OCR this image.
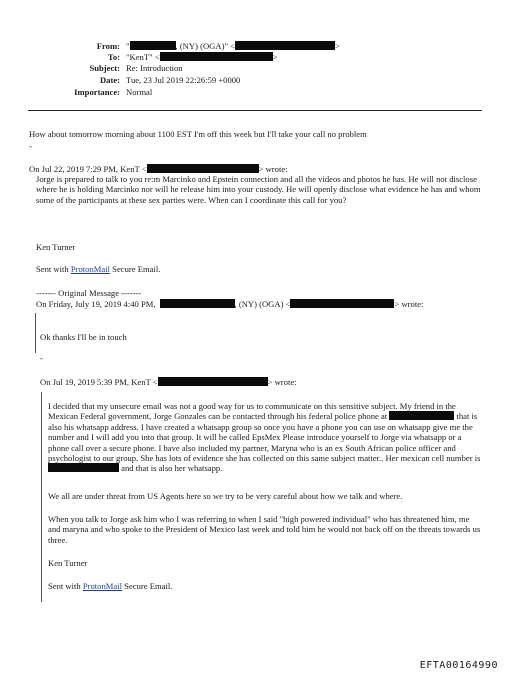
From: "	, (NY) (OGA)" <	>
To: "KenT" <	>
Subject: Re: Introduction
Date: Tue, 23 Jul 2019 22:26:59 +0000
Importance: Normal
How about tomorrow morning about 1100 EST I'm off this week but I'll take your call no problem
-
On Jul 22, 2019 7:29 PM, KenT <	> wrote:
Jorge is prepared to talk to you re:m Marcinko and Epstein connection and all the videos and photos he has. He will not disclose where he is holding Marcinko nor will he release him into your custody. He will openly disclose what evidence he has and whom some of the participants at these sex parties were. When can I coordinate this call for you?
Ken Turner
Sent with ProtonMail Secure Email.
------- Original Message -------
On Friday, July 19, 2019 4:40 PM,	, (NY) (OGA) <	> wrote:
Ok thanks I'll be in touch
-
On Jul 19, 2019 5:39 PM, KenT <	> wrote:
I decided that my unsecure email was not a good way for us to communicate on this sensitive subject. My friend in the Mexican Federal government, Jorge Gonzales can be contacted through his federal police phone at	that is also his whatsapp address. I have created a whatsapp group so once you have a phone you can use on whatsapp give me the number and I will add you into that group. It will be called EpsMex Please introduce yourself to Jorge via whatsapp or a phone call over a secure phone. I have also included my partner, Maryna who is an ex South African police officer and psychologist to our group. She has lots of evidence she has collected on this same subject matter.. Her mexican cell number is  and that is also her whatsapp.
We all are under threat from US Agents here so we try to be very careful about how we talk and where.
When you talk to Jorge ask him who I was referring to when I said "high powered individual" who has threatened him, me and maryna and who spoke to the President of Mexico last week and told him he would not back off on the threats towards us three.
Ken Turner
Sent with ProtonMail Secure Email.
EFTA00164990
